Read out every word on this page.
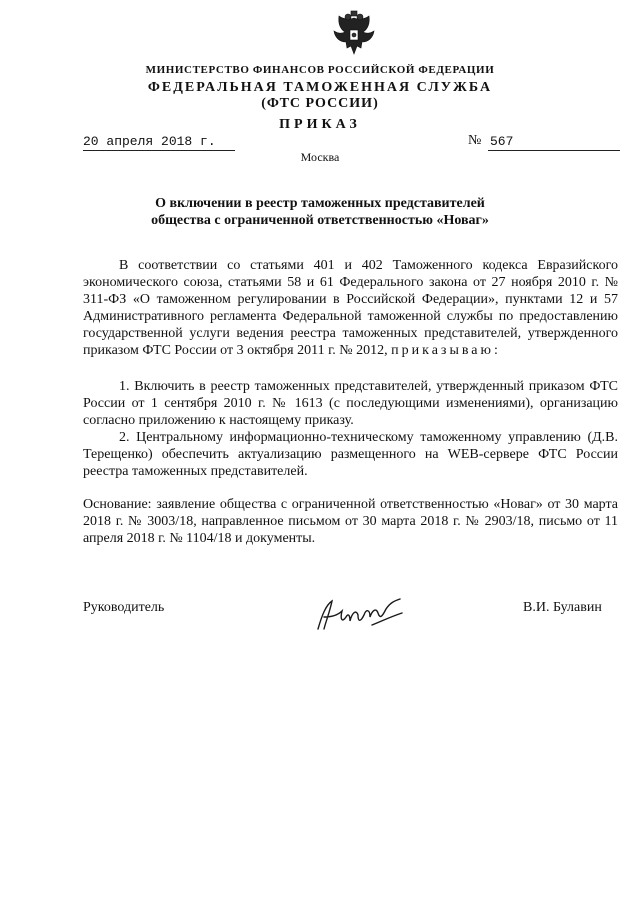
МИНИСТЕРСТВО ФИНАНСОВ РОССИЙСКОЙ ФЕДЕРАЦИИ
ФЕДЕРАЛЬНАЯ ТАМОЖЕННАЯ СЛУЖБА
(ФТС РОССИИ)
ПРИКАЗ
20 апреля 2018 г.	№ 567
Москва
О включении в реестр таможенных представителей
общества с ограниченной ответственностью «Новаг»
В соответствии со статьями 401 и 402 Таможенного кодекса Евразийского экономического союза, статьями 58 и 61 Федерального закона от 27 ноября 2010 г. № 311-ФЗ «О таможенном регулировании в Российской Федерации», пунктами 12 и 57 Административного регламента Федеральной таможенной службы по предоставлению государственной услуги ведения реестра таможенных представителей, утвержденного приказом ФТС России от 3 октября 2011 г. № 2012, приказываю:
1. Включить в реестр таможенных представителей, утвержденный приказом ФТС России от 1 сентября 2010 г. № 1613 (с последующими изменениями), организацию согласно приложению к настоящему приказу.
2. Центральному информационно-техническому таможенному управлению (Д.В. Терещенко) обеспечить актуализацию размещенного на WEB-сервере ФТС России реестра таможенных представителей.
Основание: заявление общества с ограниченной ответственностью «Новаг» от 30 марта 2018 г. № 3003/18, направленное письмом от 30 марта 2018 г. № 2903/18, письмо от 11 апреля 2018 г. № 1104/18 и документы.
Руководитель	В.И. Булавин
